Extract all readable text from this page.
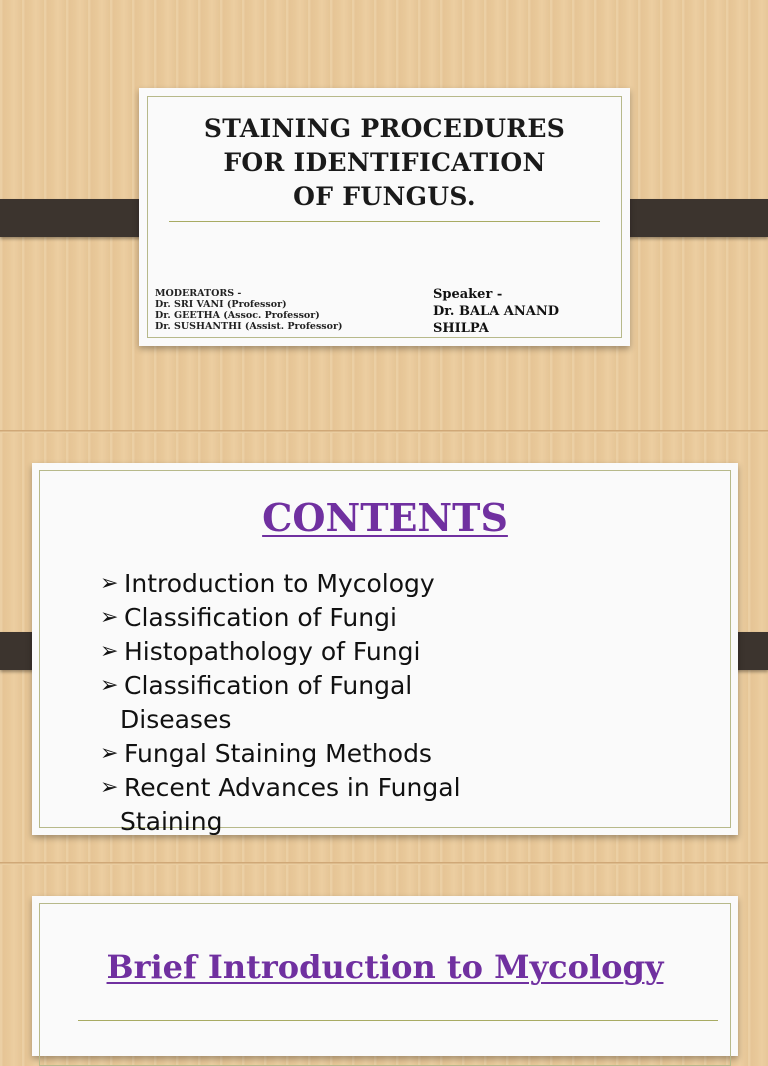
STAINING PROCEDURES
FOR IDENTIFICATION
OF FUNGUS.
MODERATORS -
Dr. SRI VANI (Professor)
Dr. GEETHA (Assoc. Professor)
Dr. SUSHANTHI (Assist. Professor)
Speaker -
Dr. BALA ANAND
SHILPA
CONTENTS
➢ Introduction to Mycology
➢ Classification of Fungi
➢ Histopathology of Fungi
➢ Classification of Fungal
Diseases
➢ Fungal Staining Methods
➢ Recent Advances in Fungal
Staining
Brief Introduction to Mycology
